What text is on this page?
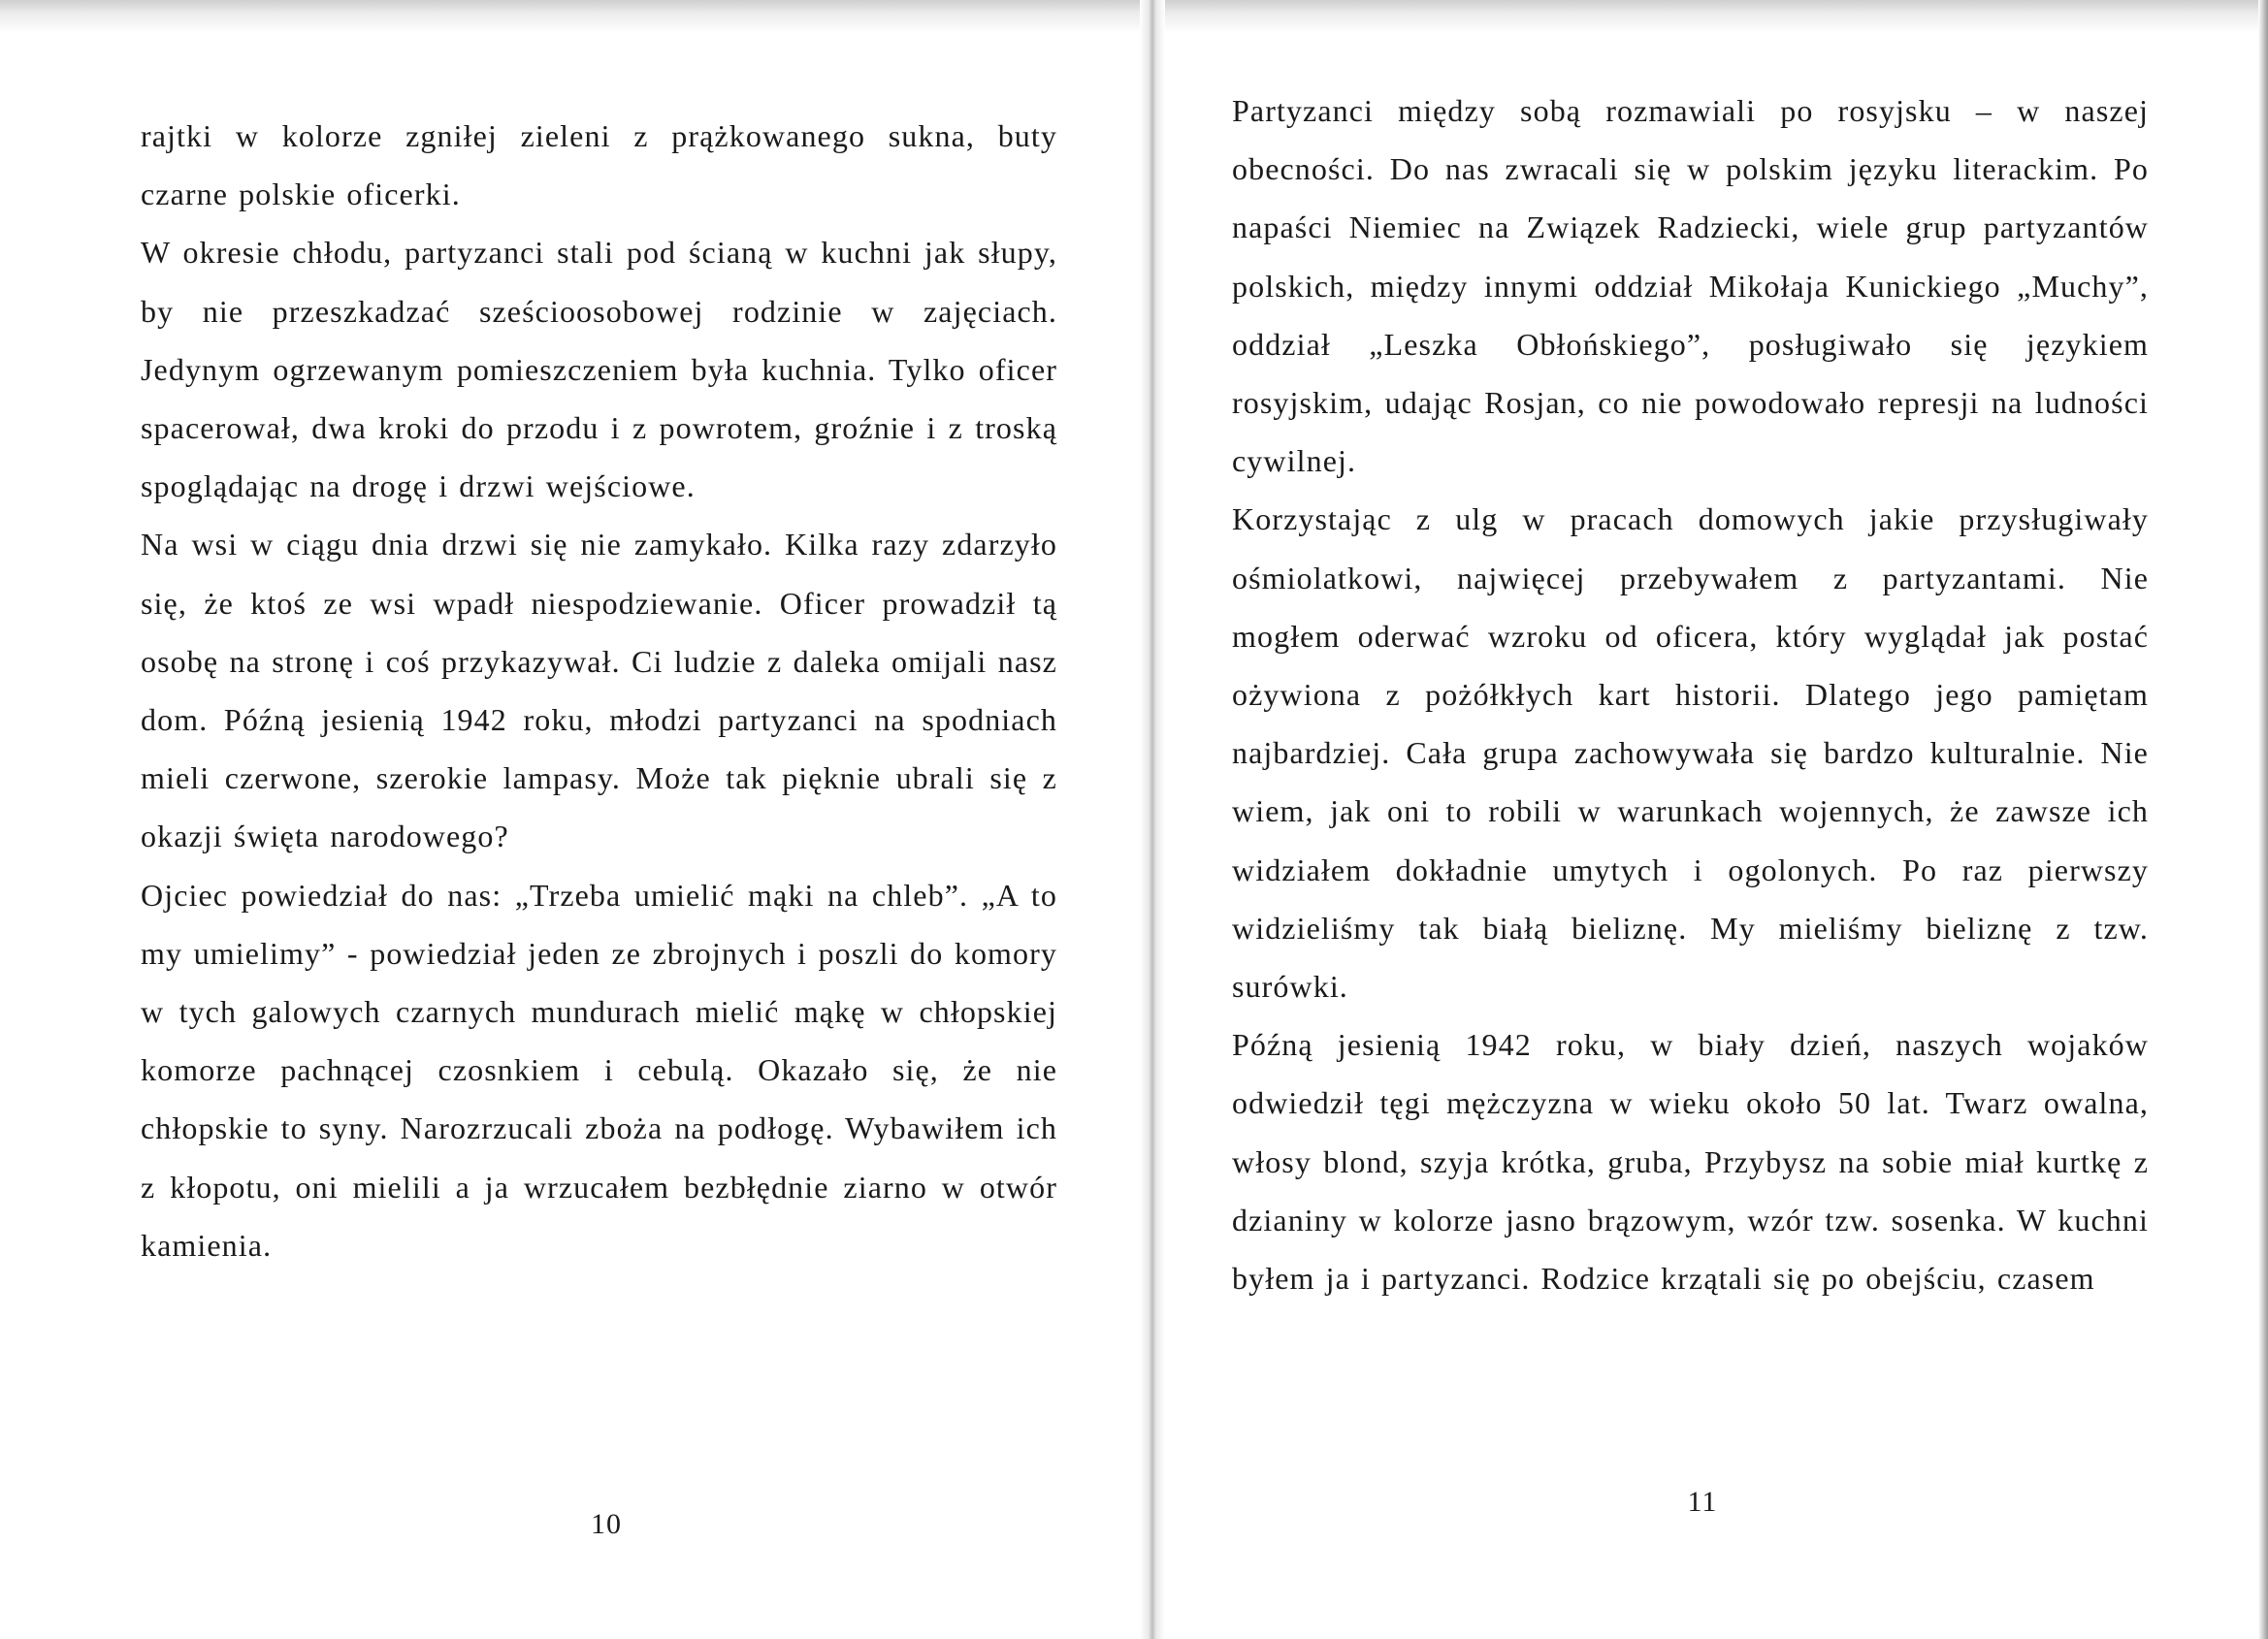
rajtki w kolorze zgniłej zieleni z prążkowanego sukna, buty czarne polskie oficerki.

W okresie chłodu, partyzanci stali pod ścianą w kuchni jak słupy, by nie przeszkadzać sześcioosobowej rodzinie w zajęciach. Jedynym ogrzewanym pomieszczeniem była kuchnia. Tylko oficer spacerował, dwa kroki do przodu i z powrotem, groźnie i z troską spoglądając na drogę i drzwi wejściowe.

Na wsi w ciągu dnia drzwi się nie zamykało. Kilka razy zdarzyło się, że ktoś ze wsi wpadł niespodziewanie. Oficer prowadził tą osobę na stronę i coś przykazywał. Ci ludzie z daleka omijali nasz dom. Późną jesienią 1942 roku, młodzi partyzanci na spodniach mieli czerwone, szerokie lampasy. Może tak pięknie ubrali się z okazji święta narodowego?

Ojciec powiedział do nas: „Trzeba umielić mąki na chleb”. „A to my umielimy” - powiedział jeden ze zbrojnych i poszli do komory w tych galowych czarnych mundurach mielić mąkę w chłopskiej komorze pachnącej czosnkiem i cebulą. Okazało się, że nie chłopskie to syny. Narozrzucali zboża na podłogę. Wybawiłem ich z kłopotu, oni mielili a ja wrzucałem bezbłędnie ziarno w otwór kamienia.

10

Partyzanci między sobą rozmawiali po rosyjsku – w naszej obecności. Do nas zwracali się w polskim języku literackim. Po napaści Niemiec na Związek Radziecki, wiele grup partyzantów polskich, między innymi oddział Mikołaja Kunickiego „Muchy”, oddział „Leszka Obłońskiego”, posługiwało się językiem rosyjskim, udając Rosjan, co nie powodowało represji na ludności cywilnej.

Korzystając z ulg w pracach domowych jakie przysługiwały ośmiolatkowi, najwięcej przebywałem z partyzantami. Nie mogłem oderwać wzroku od oficera, który wyglądał jak postać ożywiona z pożółkłych kart historii. Dlatego jego pamiętam najbardziej. Cała grupa zachowywała się bardzo kulturalnie. Nie wiem, jak oni to robili w warunkach wojennych, że zawsze ich widziałem dokładnie umytych i ogolonych. Po raz pierwszy widzieliśmy tak białą bieliznę. My mieliśmy bieliznę z tzw. surówki.

Późną jesienią 1942 roku, w biały dzień, naszych wojaków odwiedził tęgi mężczyzna w wieku około 50 lat. Twarz owalna, włosy blond, szyja krótka, gruba, Przybysz na sobie miał kurtkę z dzianiny w kolorze jasno brązowym, wzór tzw. sosenka. W kuchni byłem ja i partyzanci. Rodzice krzątali się po obejściu, czasem

11
